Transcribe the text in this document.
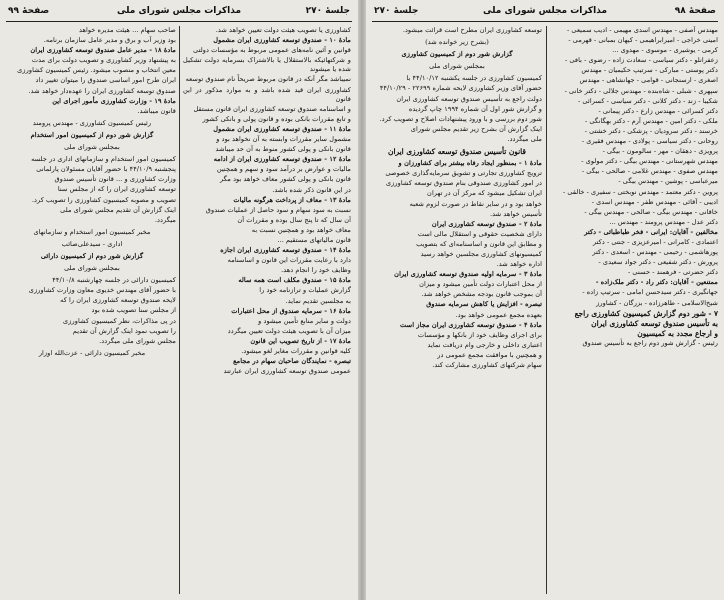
صفحهٔ ۹۹	مذاکرات مجلس شورای ملی	جلسهٔ ۲۷۰

کشاورزی یا تصویب هیئت دولت تعیین خواهد شد.

مادهٔ ۱۰ - صندوق توسعه کشاورزی ایران مشمول

قوانین و آئین نامه‌های عمومی مربوط به مؤسسات دولتی

و شرکتهائیکه بالاستقلال یا بالاشتراک بسرمایه دولت تشکیل شده یا میشوند

نمیباشد مگر آنکه در قانون مربوط صریحاً نام صندوق توسعه

کشاورزی ایران قید شده باشد و به موارد مذکور در این قانون

و اساسنامه صندوق توسعه کشاورزی ایران قانون مستقل

و تابع مقررات بانکی بوده و قانون پولی و بانکی کشور

مادهٔ ۱۱ - صندوق توسعه کشاورزی ایران مشمول

مشمول سایر مقررات وابسته به آن نخواهد بود و

قانون بانکی و پولی کشور منوط به آن حد میباشد

مادهٔ ۱۲ - صندوق توسعه کشاورزی ایران از ادامه

مالیات و عوارض بر درآمد سود و سهم و همچنین

قانون بانکی و پولی کشور معاف خواهد بود مگر

در این قانون ذکر شده باشد.

مادهٔ ۱۳ - معاف از پرداخت هرگونه مالیات

نسبت به سود سهام و سود حاصل از عملیات صندوق

آن سال که تا پنج سال بوده و مقررات آن

معاف خواهد بود و همچنین نسبت به

قانون مالیاتهای مستقیم ...

مادهٔ ۱۴ - صندوق توسعه کشاورزی ایران اجازه

دارد با رعایت مقررات این قانون و اساسنامه

وظایف خود را انجام دهد.

مادهٔ ۱۵ - صندوق مکلف است همه ساله

گزارش عملیات و ترازنامه خود را

به مجلسین تقدیم نماید.

مادهٔ ۱۶ - سرمایه صندوق از محل اعتبارات

دولت و سایر منابع تأمین میشود و

میزان آن با تصویب هیئت دولت تعیین میگردد

مادهٔ ۱۷ - از تاریخ تصویب این قانون

کلیه قوانین و مقررات مغایر لغو میشود.

تبصره - نمایندگان صاحبان سهام در مجامع

عمومی صندوق توسعه کشاورزی ایران عبارتند

صاحب سهام ... هیئت مدیره خواهد

بود وزیر آب و برق و مدیر عامل سازمان برنامه.

مادهٔ ۱۸ - مدیر عامل صندوق توسعه کشاورزی ایران

به پیشنهاد وزیر کشاورزی و تصویب دولت برای مدت

معین انتخاب و منصوب میشود. رئیس کمیسیون کشاورزی

ایران طرح امور اساسی صندوق را میتوان تغییر داد

صندوق توسعه کشاورزی ایران را عهده‌دار خواهد شد.

مادهٔ ۱۹ - وزارت کشاورزی مأمور اجرای این

قانون میباشد.

رئیس کمیسیون کشاورزی - مهندس پرومند

گزارش شور دوم از کمیسیون امور استخدام

بمجلس شورای ملی

کمیسیون امور استخدام و سازمانهای اداری در جلسه

پنجشنبه ۴۴/۱۰/۹ با حضور آقایان مسئولان پارلمانی

وزارت کشاورزی و ... قانون تأسیس صندوق

توسعه کشاورزی ایران را که از مجلس سنا

تصویب و مصوبه کمیسیون کشاورزی را تصویب کرد.

اینک گزارش آن تقدیم مجلس شورای ملی

میگردد.

مخبر کمیسیون امور استخدام و سازمانهای

اداری - سیدعلی‌صائب

گزارش شور دوم از کمیسیون دارائی

بمجلس شورای ملی

کمیسیون دارائی در جلسه چهارشنبه ۴۴/۱۰/۸

با حضور آقای مهندس خدیوی معاون وزارت کشاورزی

لایحه صندوق توسعه کشاورزی ایران را که

از مجلس سنا تصویب شده بود

در پی مذاکرات، نظر کمیسیون کشاورزی

را تصویب نمود اینک گزارش آن تقدیم

مجلس شورای ملی میگردد.

مخبر کمیسیون دارائی - عزت‌الله اوزار

صفحهٔ ۹۸
مذاکرات مجلس شورای ملی
جلسهٔ ۲۷۰

مهندس آصفی - مهندس اسدی مهیمی - ادیب سمیعی -

امینی خراجی - امیرابراهیمی - کیهان بمبانی - قهرمی -

کرمی - یوشیری - موسوی - مهدوی ...

زعفرانلو - دکتر سیاسی - سعادت زاده - رضوی - بافی -

دکتر پوستی - مبارکی - سرتیپ حکیمیان - مهندس

اصغری - ارسنجانی - قوامی - جهانشاهی - مهندس

سپهری - شبلی - شاه‌بنده - مهندس جلالی - دکتر خانی -

شکیبا - زند - دکتر کلانی - دکتر سیاسی - کسرائی -

دکتر کسرائی - مهندس زارع - دکتر پیمانی -

ملکی - دکتر امین - مهندس آرم - دکتر بهگانگی -

خرسند - دکتر سرودیان - پزشکی - دکتر خشتی -

روحانی - دکتر سیاسی - پولادی - مهندس فقیری -

پرویزی - دهقان - مهر - سالومون - بیگی -

مهندس شهرستانی - مهندس بیگی - دکتر مولوی -

مهندس صفوی - مهندس غلامی - صالحی - بیگی -

میرعباسی - پوشین - مهندس بیگی -

پروین - دکتر معتمد - مهندس نوبختی - سفیری - خالقی -

ادیبی - آقائی - مهندس ظفر - مهندس اسدی -

خاقانی - مهندس بیگی - صالحی - مهندس بیگی -

دکتر عدل - مهندس پرومند - مهندس ...

مخالفین - آقایان: ایرانی - فخر طباطبائی - دکتر

اعتمادی - کامرانی - امیرعزیزی - جنتی - دکتر

پورهاشمی - رحیمی - مهندس - اسعدی - دکتر

پرورش - دکتر شفیعی - دکتر جواد سعیدی -

دکتر حضرتی - فرهمند - حسنی -

ممتنعین - آقایان: دکتر راد - دکتر ملک‌زاده -

جهانگیری - دکتر سیدحسن امامی - سرتیپ زاده -

شیخ‌الاسلامی - طاهرزاده - بزرگان - کشاورز

۷ - شور دوم گزارش کمیسیون کشاورزی راجع

به تأسیس صندوق توسعه کشاورزی ایران

و ارجاع مجدد به کمیسیون

رئیس - گزارش شور دوم راجع به تأسیس صندوق

توسعه کشاورزی ایران مطرح است قرائت میشود.

(بشرح زیر خوانده شد)

گزارش شور دوم از کمیسیون کشاورزی

بمجلس شورای ملی

کمیسیون کشاورزی در جلسه یکشنبه ۴۴/۱۰/۱۲ با

حضور آقای وزیر کشاورزی لایحه شماره ۲۲۶۹۹ - ۴۴/۱۰/۲۹

دولت راجع به تأسیس صندوق توسعه کشاورزی ایران

و گزارش شور اول آن شماره ۱۹۹۴ چاپ گردیده

شور دوم بررسی و با ورود پیشنهادات اصلاح و تصویب کرد.

اینک گزارش آن بشرح زیر تقدیم مجلس شورای

ملی میگردد.

قانون تأسیس صندوق توسعه کشاورزی ایران

مادهٔ ۱ - بمنظور ایجاد رفاه بیشتر برای کشاورزان و

ترویج کشاورزی تجارتی و تشویق سرمایه‌گذاری خصوصی

در امور کشاورزی صندوقی بنام صندوق توسعه کشاورزی

ایران تشکیل میشود که مرکز آن در تهران

خواهد بود و در سایر نقاط در صورت لزوم شعبه

تأسیس خواهد شد.

مادهٔ ۲ - صندوق توسعه کشاورزی ایران

دارای شخصیت حقوقی و استقلال مالی است

و مطابق این قانون و اساسنامه‌ای که بتصویب

کمیسیونهای کشاورزی مجلسین خواهد رسید

اداره خواهد شد.

مادهٔ ۳ - سرمایه اولیه صندوق توسعه کشاورزی ایران

از محل اعتبارات دولت تأمین میشود و میزان

آن بموجب قانون بودجه مشخص خواهد شد.

تبصره - افزایش یا کاهش سرمایه صندوق

بعهده مجمع عمومی خواهد بود.

مادهٔ ۴ - صندوق توسعه کشاورزی ایران مجاز است

برای اجرای وظایف خود از بانکها و مؤسسات

اعتباری داخلی و خارجی وام دریافت نماید

و همچنین با موافقت مجمع عمومی در

سهام شرکتهای کشاورزی مشارکت کند.
